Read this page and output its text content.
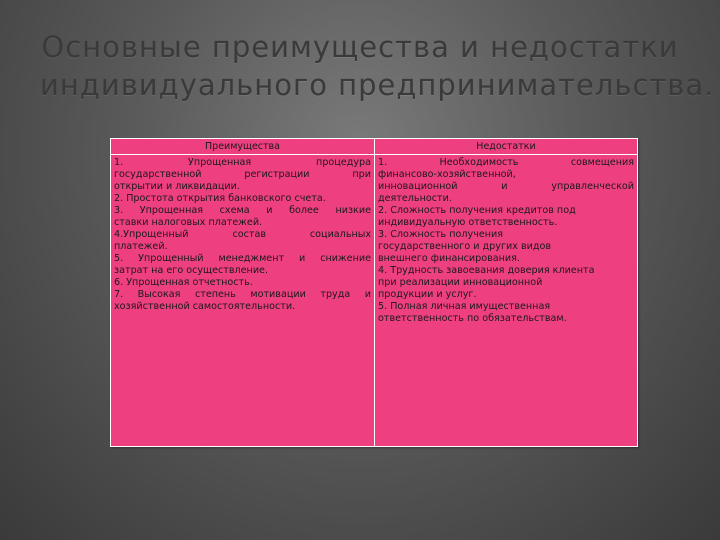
Основные преимущества и недостатки
индивидуального предпринимательства.
Преимущества	Недостатки
1. Упрощенная процедура
государственной регистрации при
открытии и ликвидации.
2. Простота открытия банковского счета.
3. Упрощенная схема и более низкие
ставки налоговых платежей.
4.Упрощенный состав социальных
платежей.
5. Упрощенный менеджмент и снижение
затрат на его осуществление.
6. Упрощенная отчетность.
7. Высокая степень мотивации труда и
хозяйственной самостоятельности.
1. Необходимость совмещения
финансово-хозяйственной,
инновационной и управленческой
деятельности.
2. Сложность получения кредитов под
индивидуальную ответственность.
3. Сложность получения
государственного и других видов
внешнего финансирования.
4. Трудность завоевания доверия клиента
при реализации инновационной
продукции и услуг.
5. Полная личная имущественная
ответственность по обязательствам.
